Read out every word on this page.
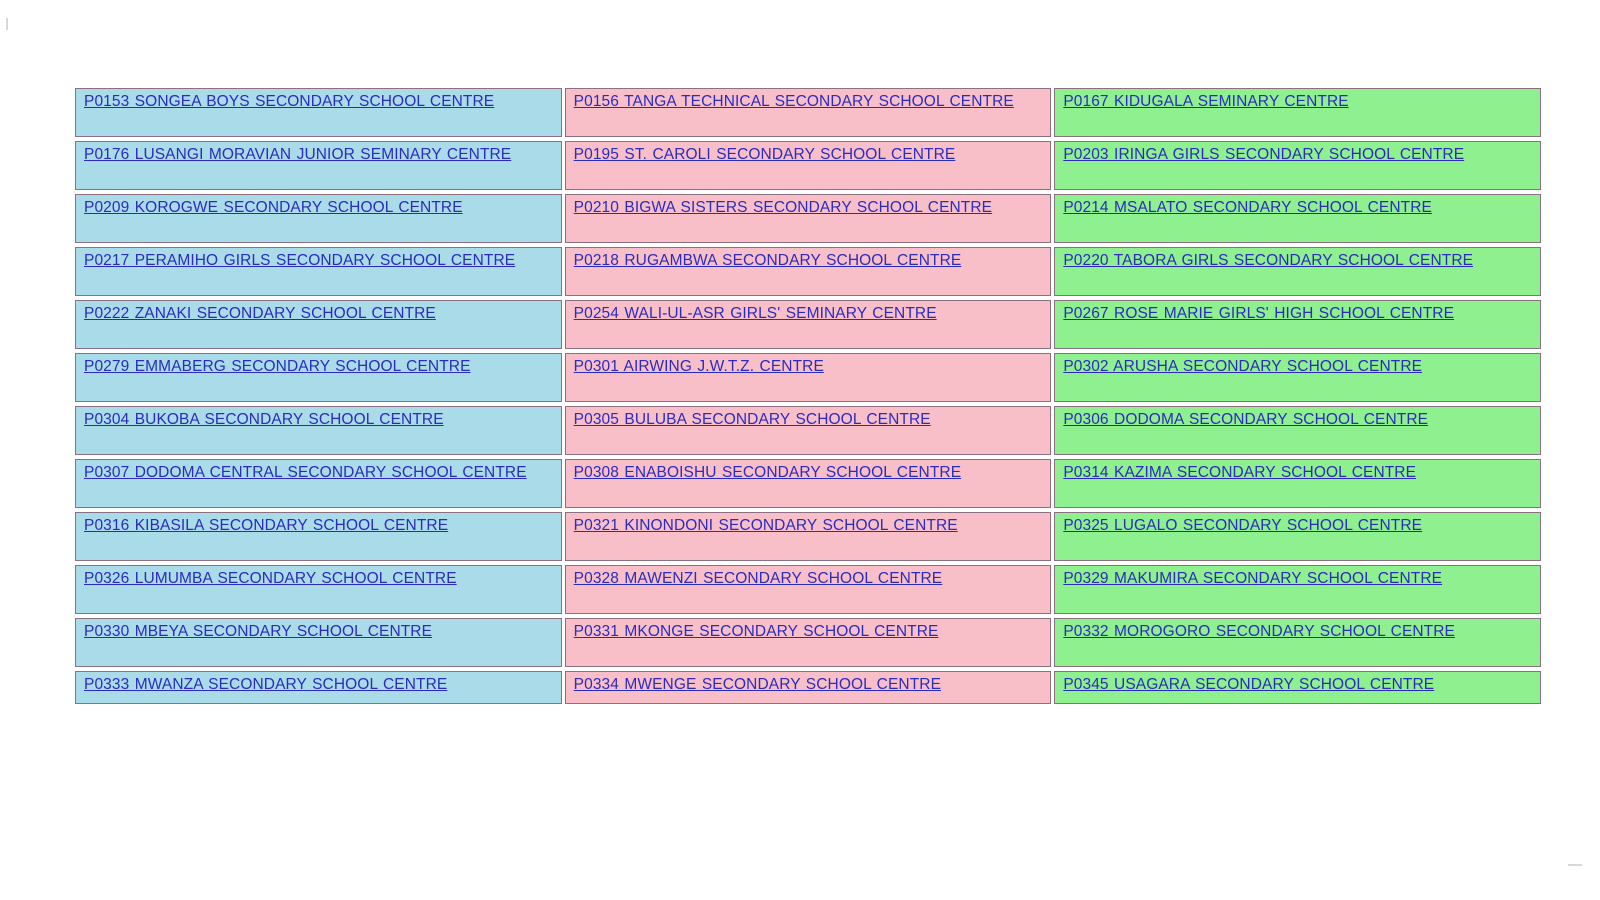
P0153 SONGEA BOYS SECONDARY SCHOOL CENTRE	P0156 TANGA TECHNICAL SECONDARY SCHOOL CENTRE	P0167 KIDUGALA SEMINARY CENTRE
P0176 LUSANGI MORAVIAN JUNIOR SEMINARY CENTRE	P0195 ST. CAROLI SECONDARY SCHOOL CENTRE	P0203 IRINGA GIRLS SECONDARY SCHOOL CENTRE
P0209 KOROGWE SECONDARY SCHOOL CENTRE	P0210 BIGWA SISTERS SECONDARY SCHOOL CENTRE	P0214 MSALATO SECONDARY SCHOOL CENTRE
P0217 PERAMIHO GIRLS SECONDARY SCHOOL CENTRE	P0218 RUGAMBWA SECONDARY SCHOOL CENTRE	P0220 TABORA GIRLS SECONDARY SCHOOL CENTRE
P0222 ZANAKI SECONDARY SCHOOL CENTRE	P0254 WALI-UL-ASR GIRLS' SEMINARY CENTRE	P0267 ROSE MARIE GIRLS' HIGH SCHOOL CENTRE
P0279 EMMABERG SECONDARY SCHOOL CENTRE	P0301 AIRWING J.W.T.Z. CENTRE	P0302 ARUSHA SECONDARY SCHOOL CENTRE
P0304 BUKOBA SECONDARY SCHOOL CENTRE	P0305 BULUBA SECONDARY SCHOOL CENTRE	P0306 DODOMA SECONDARY SCHOOL CENTRE
P0307 DODOMA CENTRAL SECONDARY SCHOOL CENTRE	P0308 ENABOISHU SECONDARY SCHOOL CENTRE	P0314 KAZIMA SECONDARY SCHOOL CENTRE
P0316 KIBASILA SECONDARY SCHOOL CENTRE	P0321 KINONDONI SECONDARY SCHOOL CENTRE	P0325 LUGALO SECONDARY SCHOOL CENTRE
P0326 LUMUMBA SECONDARY SCHOOL CENTRE	P0328 MAWENZI SECONDARY SCHOOL CENTRE	P0329 MAKUMIRA SECONDARY SCHOOL CENTRE
P0330 MBEYA SECONDARY SCHOOL CENTRE	P0331 MKONGE SECONDARY SCHOOL CENTRE	P0332 MOROGORO SECONDARY SCHOOL CENTRE
P0333 MWANZA SECONDARY SCHOOL CENTRE	P0334 MWENGE SECONDARY SCHOOL CENTRE	P0345 USAGARA SECONDARY SCHOOL CENTRE
